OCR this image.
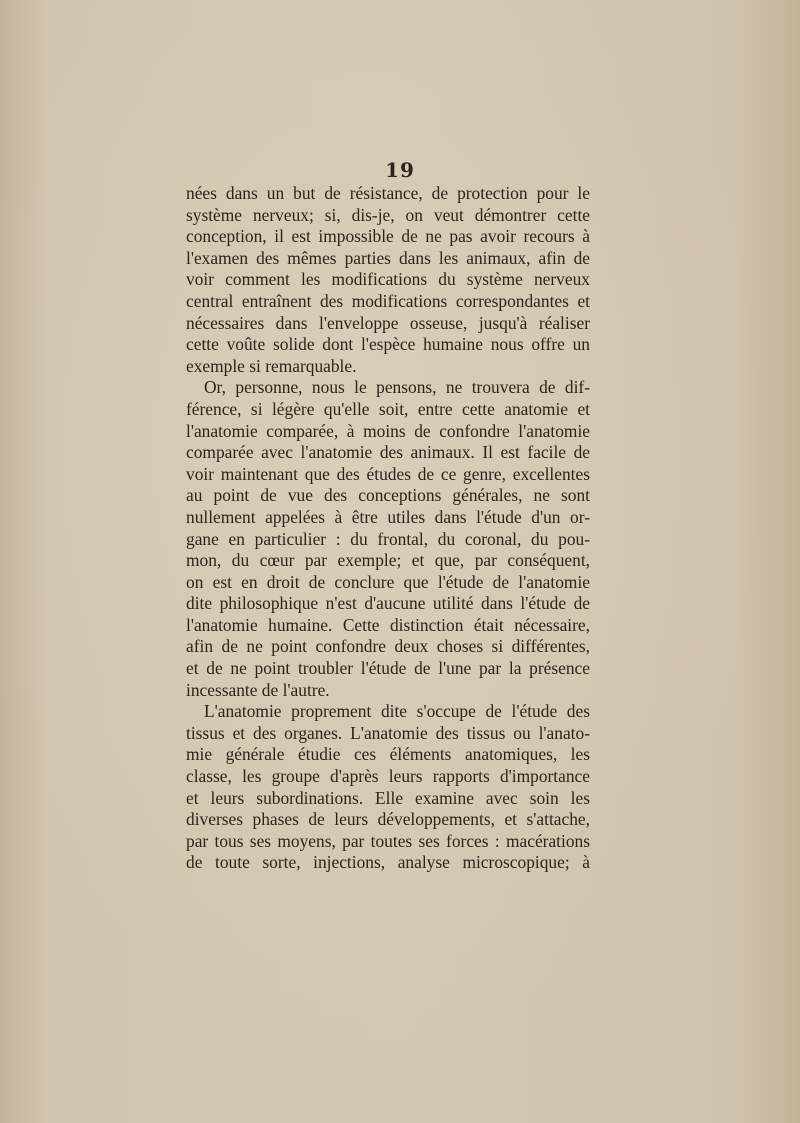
19
nées dans un but de résistance, de protection pour le
système nerveux; si, dis-je, on veut démontrer cette
conception, il est impossible de ne pas avoir recours à
l'examen des mêmes parties dans les animaux, afin de
voir comment les modifications du système nerveux
central entraînent des modifications correspondantes et
nécessaires dans l'enveloppe osseuse, jusqu'à réaliser
cette voûte solide dont l'espèce humaine nous offre un
exemple si remarquable.
Or, personne, nous le pensons, ne trouvera de dif-
férence, si légère qu'elle soit, entre cette anatomie et
l'anatomie comparée, à moins de confondre l'anatomie
comparée avec l'anatomie des animaux. Il est facile de
voir maintenant que des études de ce genre, excellentes
au point de vue des conceptions générales, ne sont
nullement appelées à être utiles dans l'étude d'un or-
gane en particulier : du frontal, du coronal, du pou-
mon, du cœur par exemple; et que, par conséquent,
on est en droit de conclure que l'étude de l'anatomie
dite philosophique n'est d'aucune utilité dans l'étude de
l'anatomie humaine. Cette distinction était nécessaire,
afin de ne point confondre deux choses si différentes,
et de ne point troubler l'étude de l'une par la présence
incessante de l'autre.
L'anatomie proprement dite s'occupe de l'étude des
tissus et des organes. L'anatomie des tissus ou l'anato-
mie générale étudie ces éléments anatomiques, les
classe, les groupe d'après leurs rapports d'importance
et leurs subordinations. Elle examine avec soin les
diverses phases de leurs développements, et s'attache,
par tous ses moyens, par toutes ses forces : macérations
de toute sorte, injections, analyse microscopique; à
